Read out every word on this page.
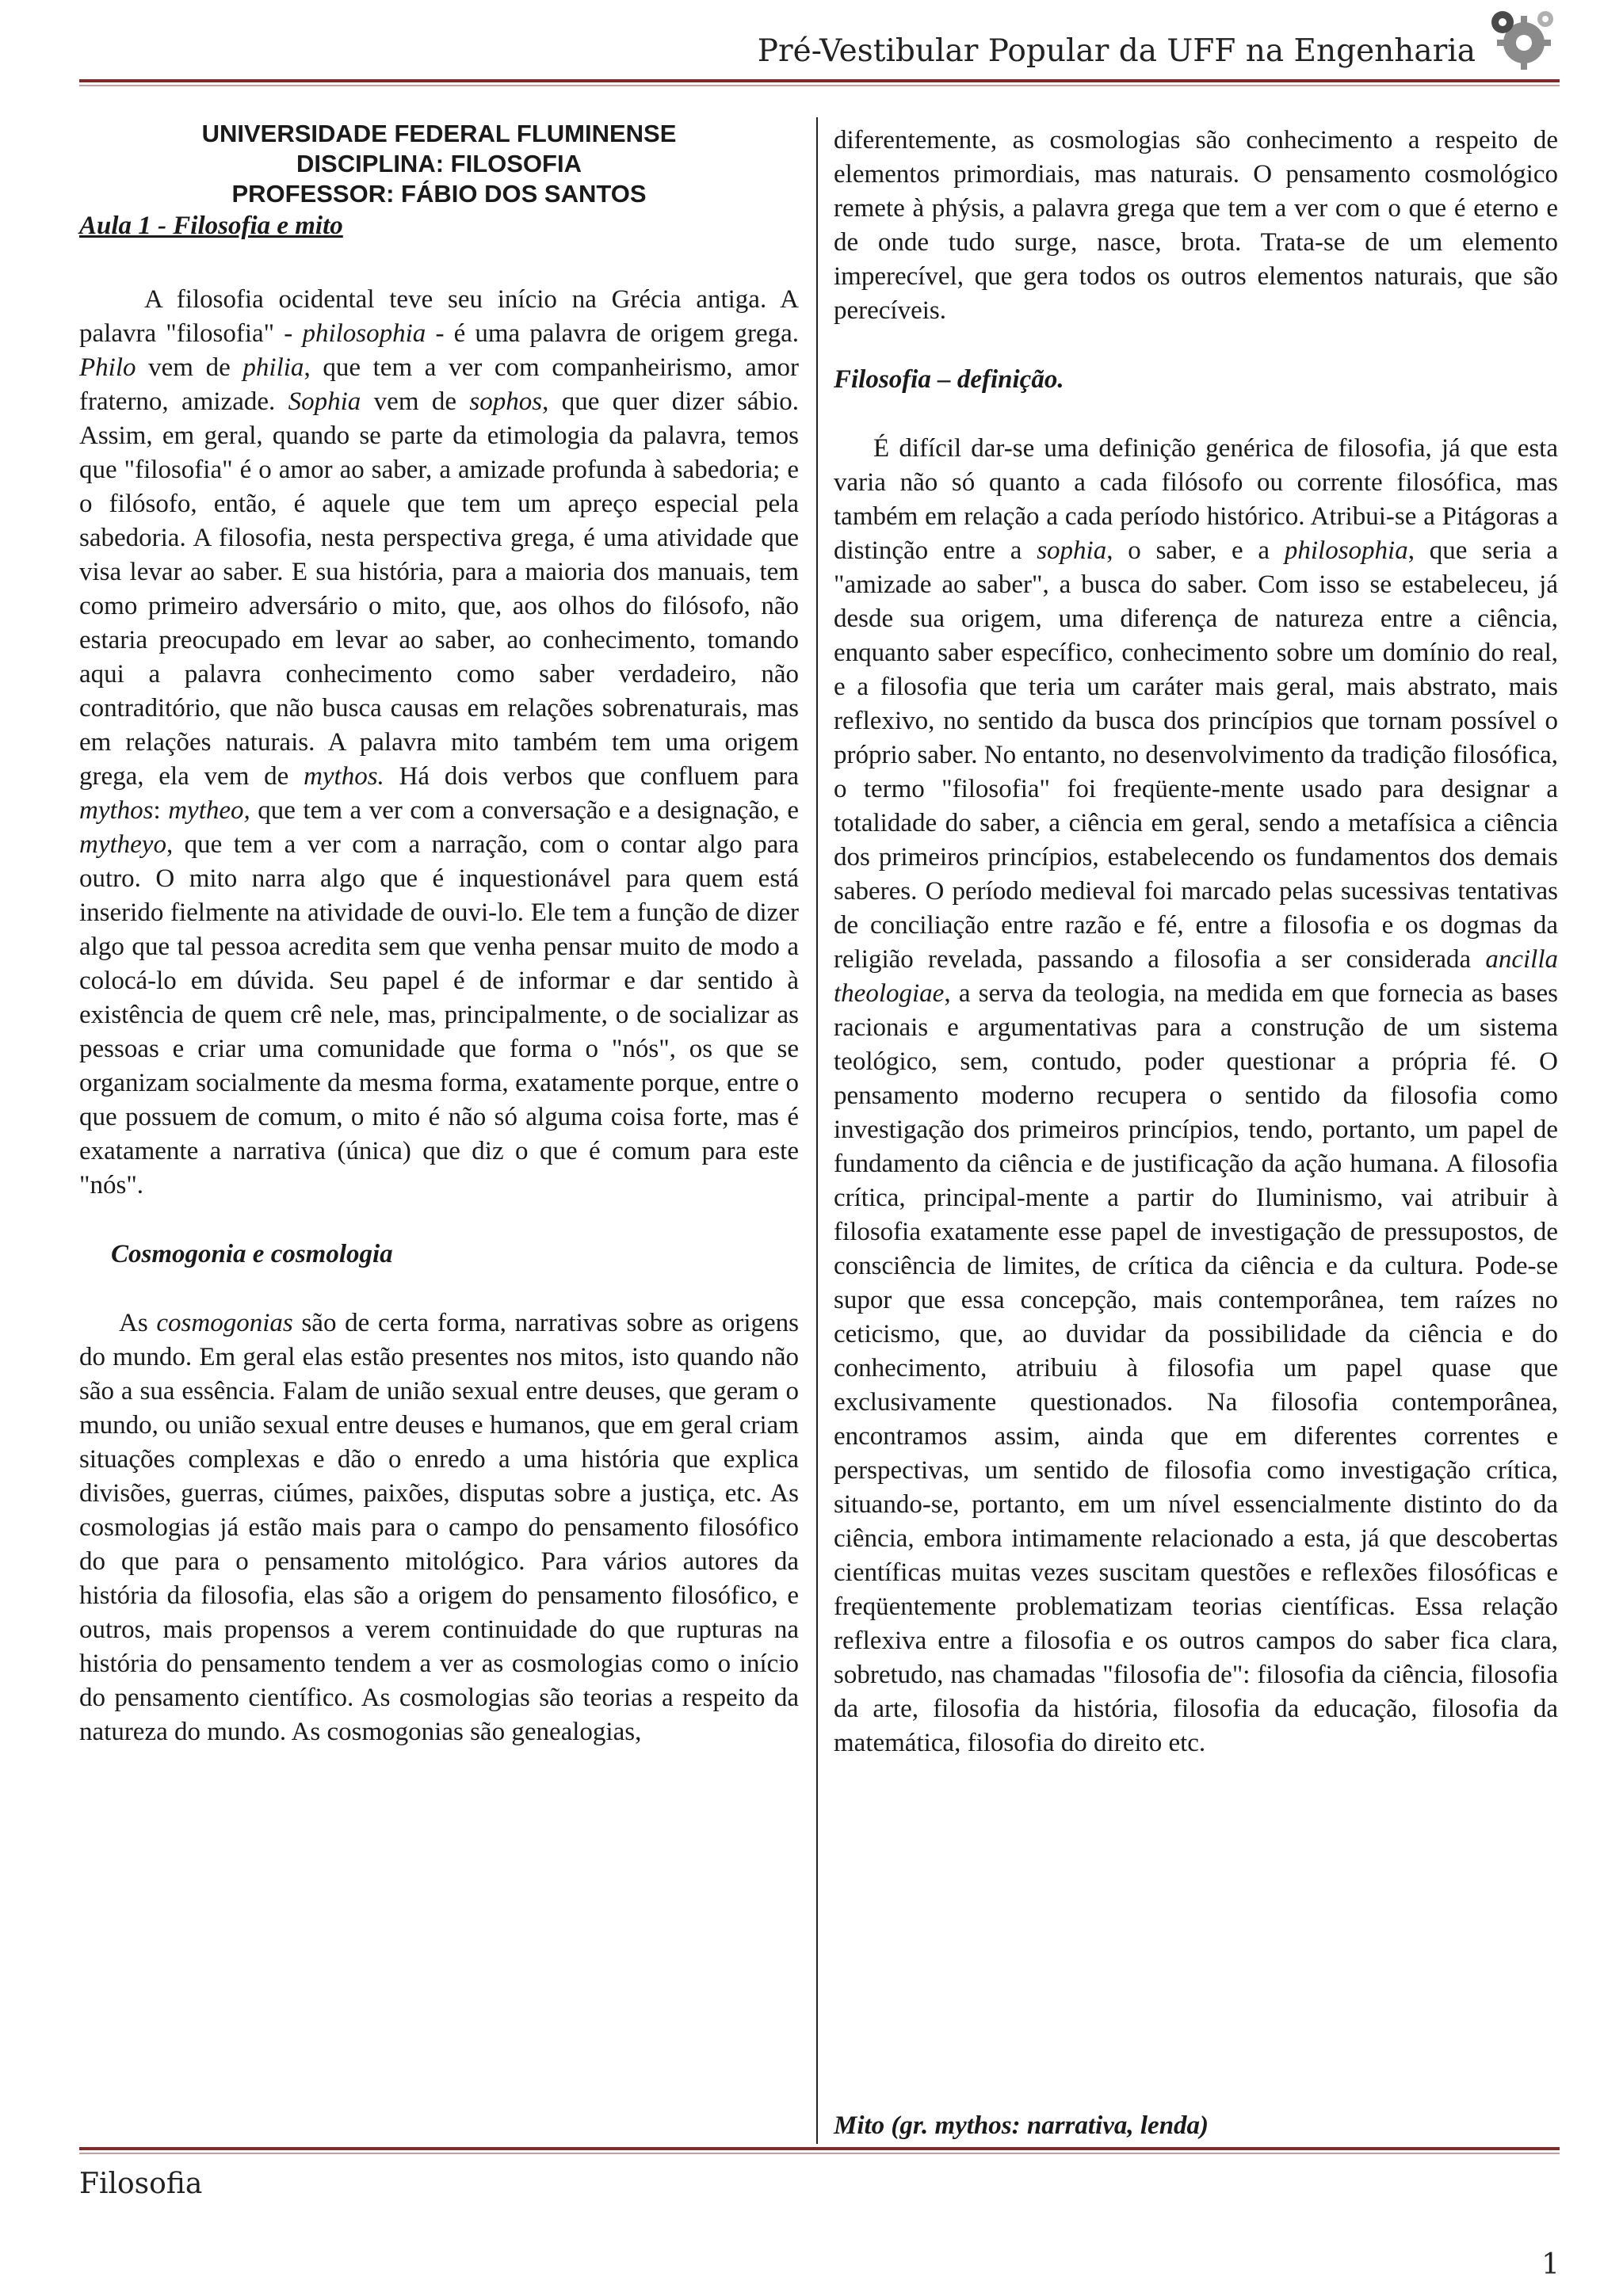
Pré-Vestibular Popular da UFF na Engenharia
UNIVERSIDADE FEDERAL FLUMINENSE
DISCIPLINA: FILOSOFIA
PROFESSOR: FÁBIO DOS SANTOS

Aula 1 - Filosofia e mito

A filosofia ocidental teve seu início na Grécia antiga. A palavra "filosofia" - philosophia - é uma palavra de origem grega. Philo vem de philia, que tem a ver com companheirismo, amor fraterno, amizade. Sophia vem de sophos, que quer dizer sábio. Assim, em geral, quando se parte da etimologia da palavra, temos que "filosofia" é o amor ao saber, a amizade profunda à sabedoria; e o filósofo, então, é aquele que tem um apreço especial pela sabedoria. A filosofia, nesta perspectiva grega, é uma atividade que visa levar ao saber. E sua história, para a maioria dos manuais, tem como primeiro adversário o mito, que, aos olhos do filósofo, não estaria preocupado em levar ao saber, ao conhecimento, tomando aqui a palavra conhecimento como saber verdadeiro, não contraditório, que não busca causas em relações sobrenaturais, mas em relações naturais. A palavra mito também tem uma origem grega, ela vem de mythos. Há dois verbos que confluem para mythos: mytheo, que tem a ver com a conversação e a designação, e mytheyo, que tem a ver com a narração, com o contar algo para outro. O mito narra algo que é inquestionável para quem está inserido fielmente na atividade de ouvi-lo. Ele tem a função de dizer algo que tal pessoa acredita sem que venha pensar muito de modo a colocá-lo em dúvida. Seu papel é de informar e dar sentido à existência de quem crê nele, mas, principalmente, o de socializar as pessoas e criar uma comunidade que forma o "nós", os que se organizam socialmente da mesma forma, exatamente porque, entre o que possuem de comum, o mito é não só alguma coisa forte, mas é exatamente a narrativa (única) que diz o que é comum para este "nós".

Cosmogonia e cosmologia

As cosmogonias são de certa forma, narrativas sobre as origens do mundo. Em geral elas estão presentes nos mitos, isto quando não são a sua essência. Falam de união sexual entre deuses, que geram o mundo, ou união sexual entre deuses e humanos, que em geral criam situações complexas e dão o enredo a uma história que explica divisões, guerras, ciúmes, paixões, disputas sobre a justiça, etc. As cosmologias já estão mais para o campo do pensamento filosófico do que para o pensamento mitológico. Para vários autores da história da filosofia, elas são a origem do pensamento filosófico, e outros, mais propensos a verem continuidade do que rupturas na história do pensamento tendem a ver as cosmologias como o início do pensamento científico. As cosmologias são teorias a respeito da natureza do mundo. As cosmogonias são genealogias,

diferentemente, as cosmologias são conhecimento a respeito de elementos primordiais, mas naturais. O pensamento cosmológico remete à phýsis, a palavra grega que tem a ver com o que é eterno e de onde tudo surge, nasce, brota. Trata-se de um elemento imperecível, que gera todos os outros elementos naturais, que são perecíveis.

Filosofia – definição.

É difícil dar-se uma definição genérica de filosofia, já que esta varia não só quanto a cada filósofo ou corrente filosófica, mas também em relação a cada período histórico. Atribui-se a Pitágoras a distinção entre a sophia, o saber, e a philosophia, que seria a "amizade ao saber", a busca do saber. Com isso se estabeleceu, já desde sua origem, uma diferença de natureza entre a ciência, enquanto saber específico, conhecimento sobre um domínio do real, e a filosofia que teria um caráter mais geral, mais abstrato, mais reflexivo, no sentido da busca dos princípios que tornam possível o próprio saber. No entanto, no desenvolvimento da tradição filosófica, o termo "filosofia" foi freqüente-mente usado para designar a totalidade do saber, a ciência em geral, sendo a metafísica a ciência dos primeiros princípios, estabelecendo os fundamentos dos demais saberes. O período medieval foi marcado pelas sucessivas tentativas de conciliação entre razão e fé, entre a filosofia e os dogmas da religião revelada, passando a filosofia a ser considerada ancilla theologiae, a serva da teologia, na medida em que fornecia as bases racionais e argumentativas para a construção de um sistema teológico, sem, contudo, poder questionar a própria fé. O pensamento moderno recupera o sentido da filosofia como investigação dos primeiros princípios, tendo, portanto, um papel de fundamento da ciência e de justificação da ação humana. A filosofia crítica, principal-mente a partir do Iluminismo, vai atribuir à filosofia exatamente esse papel de investigação de pressupostos, de consciência de limites, de crítica da ciência e da cultura. Pode-se supor que essa concepção, mais contemporânea, tem raízes no ceticismo, que, ao duvidar da possibilidade da ciência e do conhecimento, atribuiu à filosofia um papel quase que exclusivamente questionados. Na filosofia contemporânea, encontramos assim, ainda que em diferentes correntes e perspectivas, um sentido de filosofia como investigação crítica, situando-se, portanto, em um nível essencialmente distinto do da ciência, embora intimamente relacionado a esta, já que descobertas científicas muitas vezes suscitam questões e reflexões filosóficas e freqüentemente problematizam teorias científicas. Essa relação reflexiva entre a filosofia e os outros campos do saber fica clara, sobretudo, nas chamadas "filosofia de": filosofia da ciência, filosofia da arte, filosofia da história, filosofia da educação, filosofia da matemática, filosofia do direito etc.

Mito (gr. mythos: narrativa, lenda)

Filosofia
1
